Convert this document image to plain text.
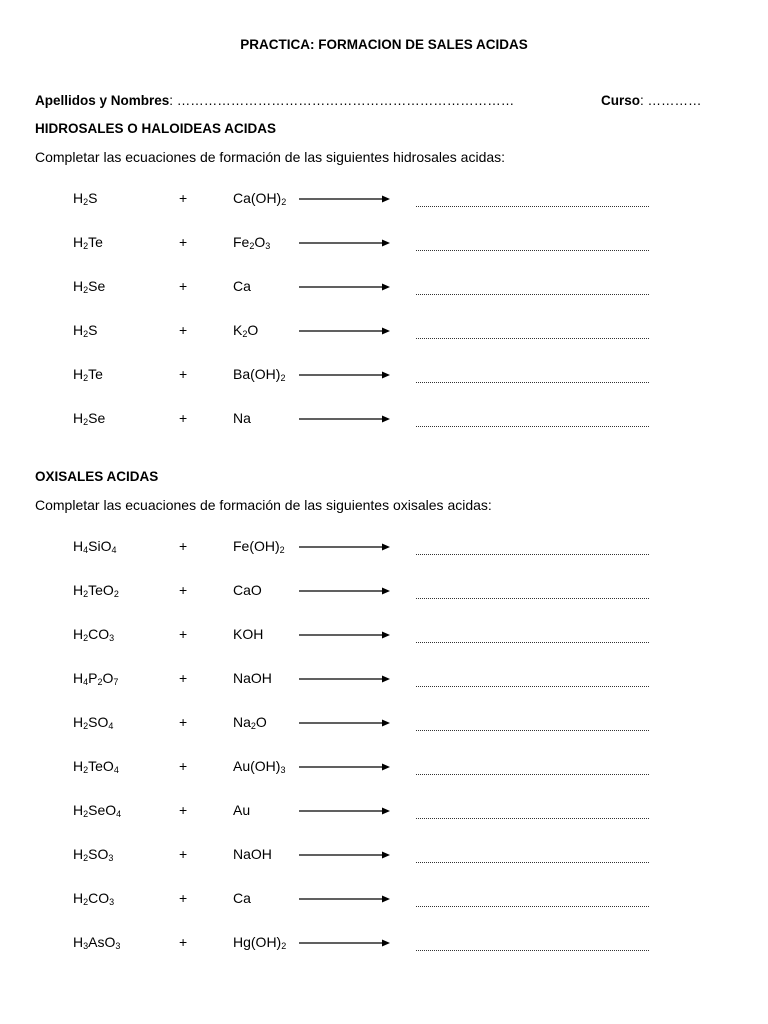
PRACTICA: FORMACION DE SALES ACIDAS
Apellidos y Nombres: …………………………………………………………………	Curso: …………
HIDROSALES O HALOIDEAS ACIDAS
Completar las ecuaciones de formación de las siguientes hidrosales acidas:
$H_2S$	+	$Ca(OH)_2$
$H_2Te$	+	$Fe_2O_3$
$H_2Se$	+	Ca
$H_2S$	+	$K_2O$
$H_2Te$	+	$Ba(OH)_2$
$H_2Se$	+	Na
OXISALES ACIDAS
Completar las ecuaciones de formación de las siguientes oxisales acidas:
$H_4SiO_4$	+	$Fe(OH)_2$
$H_2TeO_2$	+	CaO
$H_2CO_3$	+	KOH
$H_4P_2O_7$	+	NaOH
$H_2SO_4$	+	$Na_2O$
$H_2TeO_4$	+	$Au(OH)_3$
$H_2SeO_4$	+	Au
$H_2SO_3$	+	NaOH
$H_2CO_3$	+	Ca
$H_3AsO_3$	+	$Hg(OH)_2$
